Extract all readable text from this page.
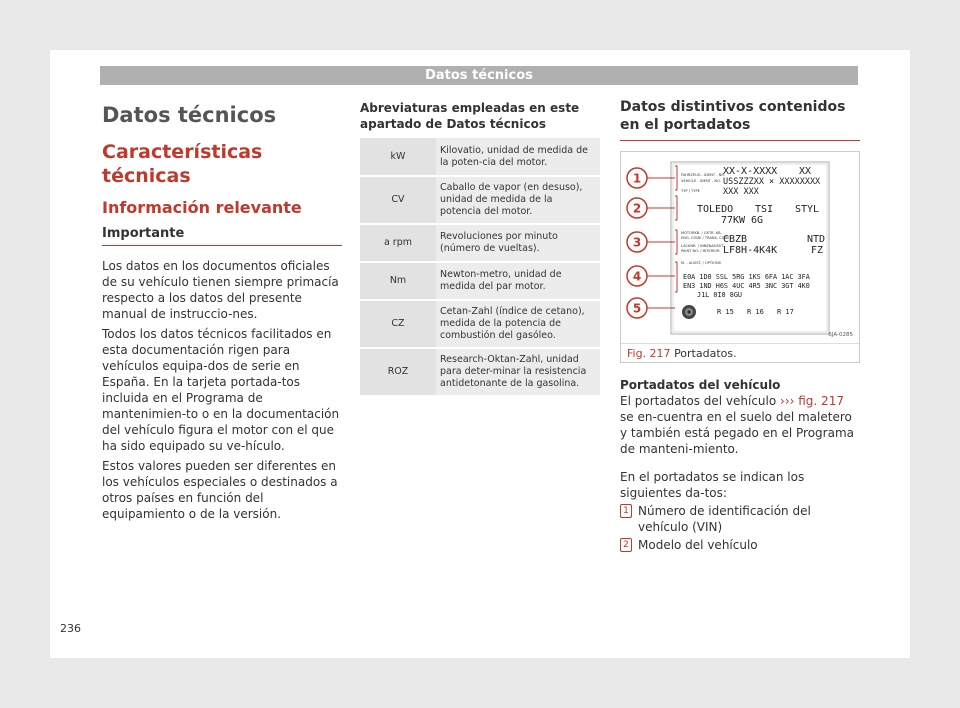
Datos técnicos
Datos técnicos
Características técnicas
Información relevante
Importante

Los datos en los documentos oficiales de su vehículo tienen siempre primacía respecto a los datos del presente manual de instruccio-nes.

Todos los datos técnicos facilitados en esta documentación rigen para vehículos equipa-dos de serie en España. En la tarjeta portada-tos incluida en el Programa de mantenimien-to o en la documentación del vehículo figura el motor con el que ha sido equipado su ve-hículo.

Estos valores pueden ser diferentes en los vehículos especiales o destinados a otros países en función del equipamiento o de la versión.

Abreviaturas empleadas en este apartado de Datos técnicos
kW	Kilovatio, unidad de medida de la poten-cia del motor.
CV	Caballo de vapor (en desuso), unidad de medida de la potencia del motor.
a rpm	Revoluciones por minuto (número de vueltas).
Nm	Newton-metro, unidad de medida del par motor.
CZ	Cetan-Zahl (índice de cetano), medida de la potencia de combustión del gasóleo.
ROZ	Research-Oktan-Zahl, unidad para deter-minar la resistencia antidetonante de la gasolina.
Datos distintivos contenidos en el portadatos
1
2
3
4
5
XX-X-XXXX XX
USSZZZXX × XXXXXXXX
XXX XXX
TOLEDO TSI STYL
77KW 6G
CBZB	NTD
LF8H-4K4K	FZ
E0A 1D0 SSL 5RG 1KS 6FA 1AC 3FA
EN3 1ND H6S 4UC 4R5 3NC 3GT 4K0
J1L 0I0 8GU
R 15 R 16 R 17
FAHRZEUG - IDENT - NR.
VEHICLE - IDENT - NO.
TYP / TYPE
MOTORKB. / GETR. KB.
ENG. CODE / TRANS. CODE
LACKNR. / INNENAUSST.
PAINT NO. / INTERIOR
M. - AUSST. / OPTIONS
6JA-0285
Fig. 217 Portadatos.
Portadatos del vehículo

El portadatos del vehículo ››› fig. 217 se en-cuentra en el suelo del maletero y también está pegado en el Programa de manteni-miento.

En el portadatos se indican los siguientes da-tos:

1 Número de identificación del vehículo (VIN)
2 Modelo del vehículo
236
